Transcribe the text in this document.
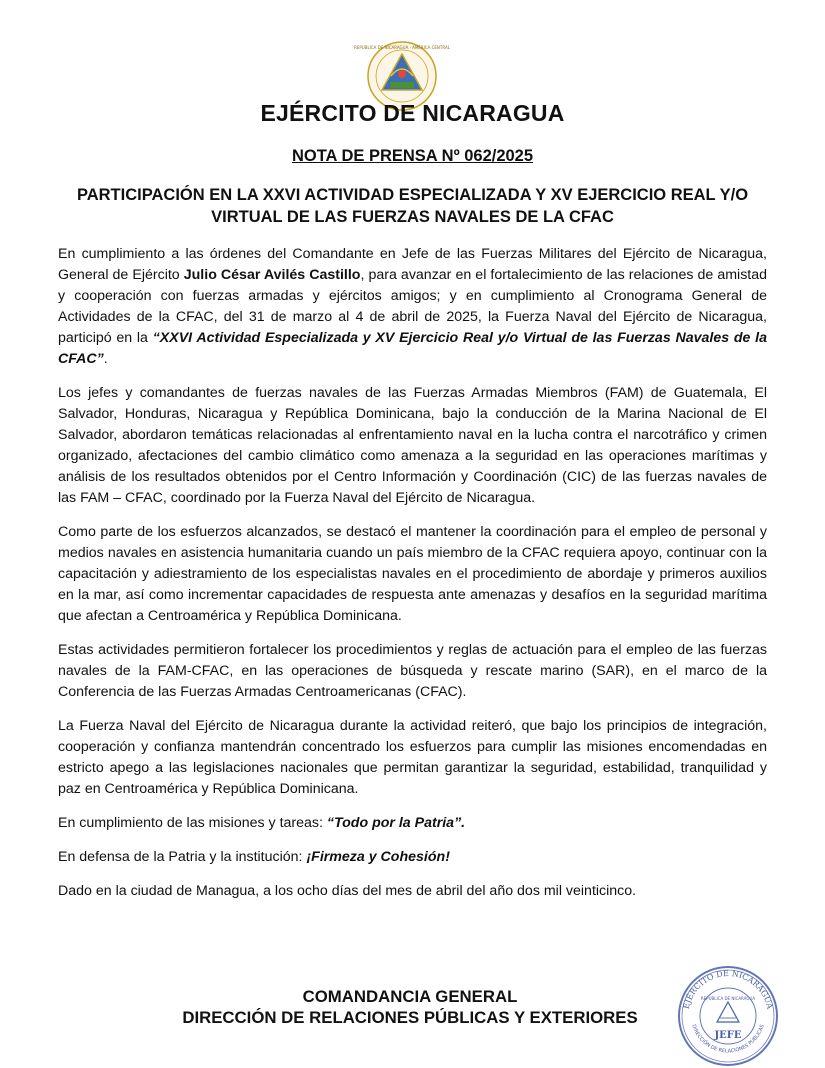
REPÚBLICA DE NICARAGUA · AMÉRICA CENTRAL
EJÉRCITO DE NICARAGUA
NOTA DE PRENSA Nº 062/2025
PARTICIPACIÓN EN LA XXVI ACTIVIDAD ESPECIALIZADA Y XV EJERCICIO REAL Y/O VIRTUAL DE LAS FUERZAS NAVALES DE LA CFAC

En cumplimiento a las órdenes del Comandante en Jefe de las Fuerzas Militares del Ejército de Nicaragua, General de Ejército Julio César Avilés Castillo, para avanzar en el fortalecimiento de las relaciones de amistad y cooperación con fuerzas armadas y ejércitos amigos; y en cumplimiento al Cronograma General de Actividades de la CFAC, del 31 de marzo al 4 de abril de 2025, la Fuerza Naval del Ejército de Nicaragua, participó en la “XXVI Actividad Especializada y XV Ejercicio Real y/o Virtual de las Fuerzas Navales de la CFAC”.

Los jefes y comandantes de fuerzas navales de las Fuerzas Armadas Miembros (FAM) de Guatemala, El Salvador, Honduras, Nicaragua y República Dominicana, bajo la conducción de la Marina Nacional de El Salvador, abordaron temáticas relacionadas al enfrentamiento naval en la lucha contra el narcotráfico y crimen organizado, afectaciones del cambio climático como amenaza a la seguridad en las operaciones marítimas y análisis de los resultados obtenidos por el Centro Información y Coordinación (CIC) de las fuerzas navales de las FAM – CFAC, coordinado por la Fuerza Naval del Ejército de Nicaragua.

Como parte de los esfuerzos alcanzados, se destacó el mantener la coordinación para el empleo de personal y medios navales en asistencia humanitaria cuando un país miembro de la CFAC requiera apoyo, continuar con la capacitación y adiestramiento de los especialistas navales en el procedimiento de abordaje y primeros auxilios en la mar, así como incrementar capacidades de respuesta ante amenazas y desafíos en la seguridad marítima que afectan a Centroamérica y República Dominicana.

Estas actividades permitieron fortalecer los procedimientos y reglas de actuación para el empleo de las fuerzas navales de la FAM-CFAC, en las operaciones de búsqueda y rescate marino (SAR), en el marco de la Conferencia de las Fuerzas Armadas Centroamericanas (CFAC).

La Fuerza Naval del Ejército de Nicaragua durante la actividad reiteró, que bajo los principios de integración, cooperación y confianza mantendrán concentrado los esfuerzos para cumplir las misiones encomendadas en estricto apego a las legislaciones nacionales que permitan garantizar la seguridad, estabilidad, tranquilidad y paz en Centroamérica y República Dominicana.

En cumplimiento de las misiones y tareas: “Todo por la Patria”.

En defensa de la Patria y la institución: ¡Firmeza y Cohesión!

Dado en la ciudad de Managua, a los ocho días del mes de abril del año dos mil veinticinco.

COMANDANCIA GENERAL
DIRECCIÓN DE RELACIONES PÚBLICAS Y EXTERIORES
EJÉRCITO DE NICARAGUA
DIRECCIÓN DE RELACIONES PÚBLICAS
REPÚBLICA DE NICARAGUA
JEFE
